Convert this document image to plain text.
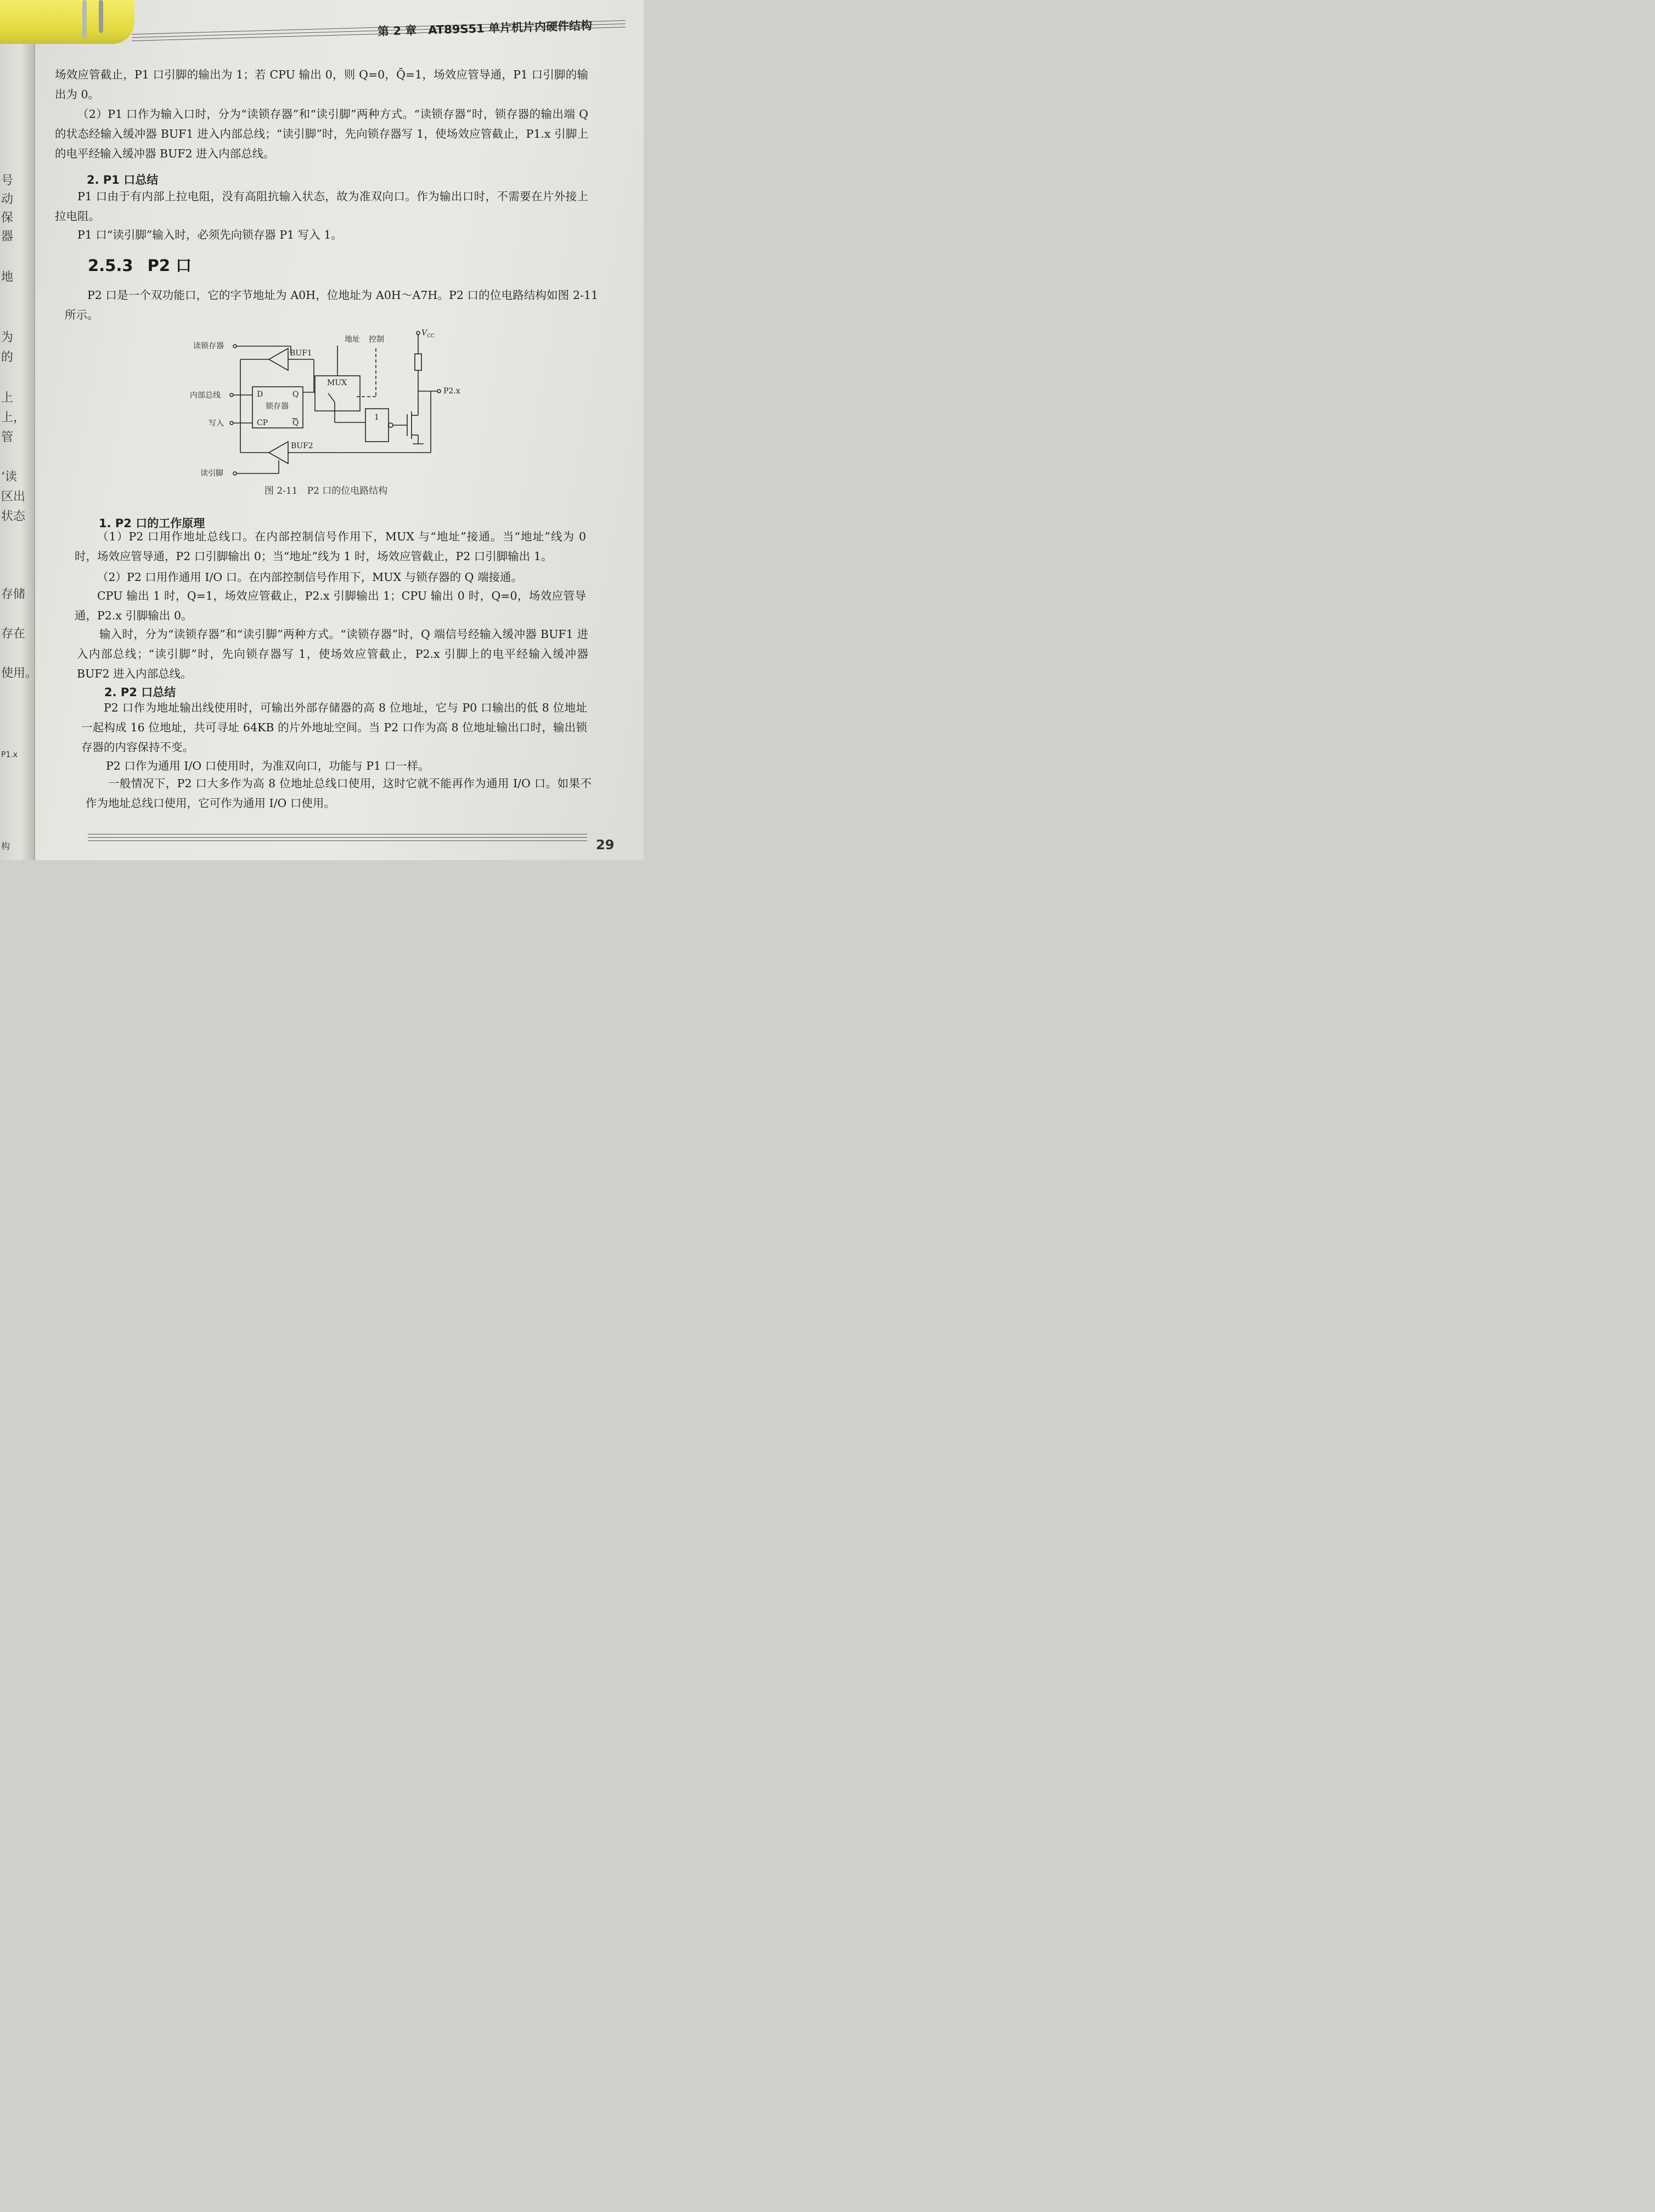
号
动
保
器
地
为
的
上
上，
管
‘读
区出
状态
存储
存在
使用。
P1.x
构
第 2 章　AT89S51 单片机片内硬件结构
场效应管截止，P1 口引脚的输出为 1；若 CPU 输出 0，则 Q=0，Q̄=1，场效应管导通，P1 口引脚的输出为 0。
（2）P1 口作为输入口时，分为“读锁存器”和“读引脚”两种方式。“读锁存器”时，锁存器的输出端 Q 的状态经输入缓冲器 BUF1 进入内部总线；“读引脚”时，先向锁存器写 1，使场效应管截止，P1.x 引脚上的电平经输入缓冲器 BUF2 进入内部总线。
2. P1 口总结
P1 口由于有内部上拉电阻，没有高阻抗输入状态，故为准双向口。作为输出口时，不需要在片外接上拉电阻。
P1 口“读引脚”输入时，必须先向锁存器 P1 写入 1。
2.5.3 P2 口
P2 口是一个双功能口，它的字节地址为 A0H，位地址为 A0H～A7H。P2 口的位电路结构如图 2-11 所示。
读锁存器
内部总线
写入
读引脚
BUF1
BUF2
D	Q
锁存器
CP	Q
MUX
地址 控制
V CC
P2.x
1
图 2-11　P2 口的位电路结构
1. P2 口的工作原理
（1）P2 口用作地址总线口。在内部控制信号作用下，MUX 与“地址”接通。当“地址”线为 0 时，场效应管导通，P2 口引脚输出 0；当“地址”线为 1 时，场效应管截止，P2 口引脚输出 1。
（2）P2 口用作通用 I/O 口。在内部控制信号作用下，MUX 与锁存器的 Q 端接通。
CPU 输出 1 时，Q=1，场效应管截止，P2.x 引脚输出 1；CPU 输出 0 时，Q=0，场效应管导通，P2.x 引脚输出 0。
输入时，分为“读锁存器”和“读引脚”两种方式。“读锁存器”时，Q 端信号经输入缓冲器 BUF1 进入内部总线；“读引脚”时，先向锁存器写 1，使场效应管截止，P2.x 引脚上的电平经输入缓冲器 BUF2 进入内部总线。
2. P2 口总结
P2 口作为地址输出线使用时，可输出外部存储器的高 8 位地址，它与 P0 口输出的低 8 位地址一起构成 16 位地址，共可寻址 64KB 的片外地址空间。当 P2 口作为高 8 位地址输出口时，输出锁存器的内容保持不变。
P2 口作为通用 I/O 口使用时，为准双向口，功能与 P1 口一样。
一般情况下，P2 口大多作为高 8 位地址总线口使用，这时它就不能再作为通用 I/O 口。如果不作为地址总线口使用，它可作为通用 I/O 口使用。
29
